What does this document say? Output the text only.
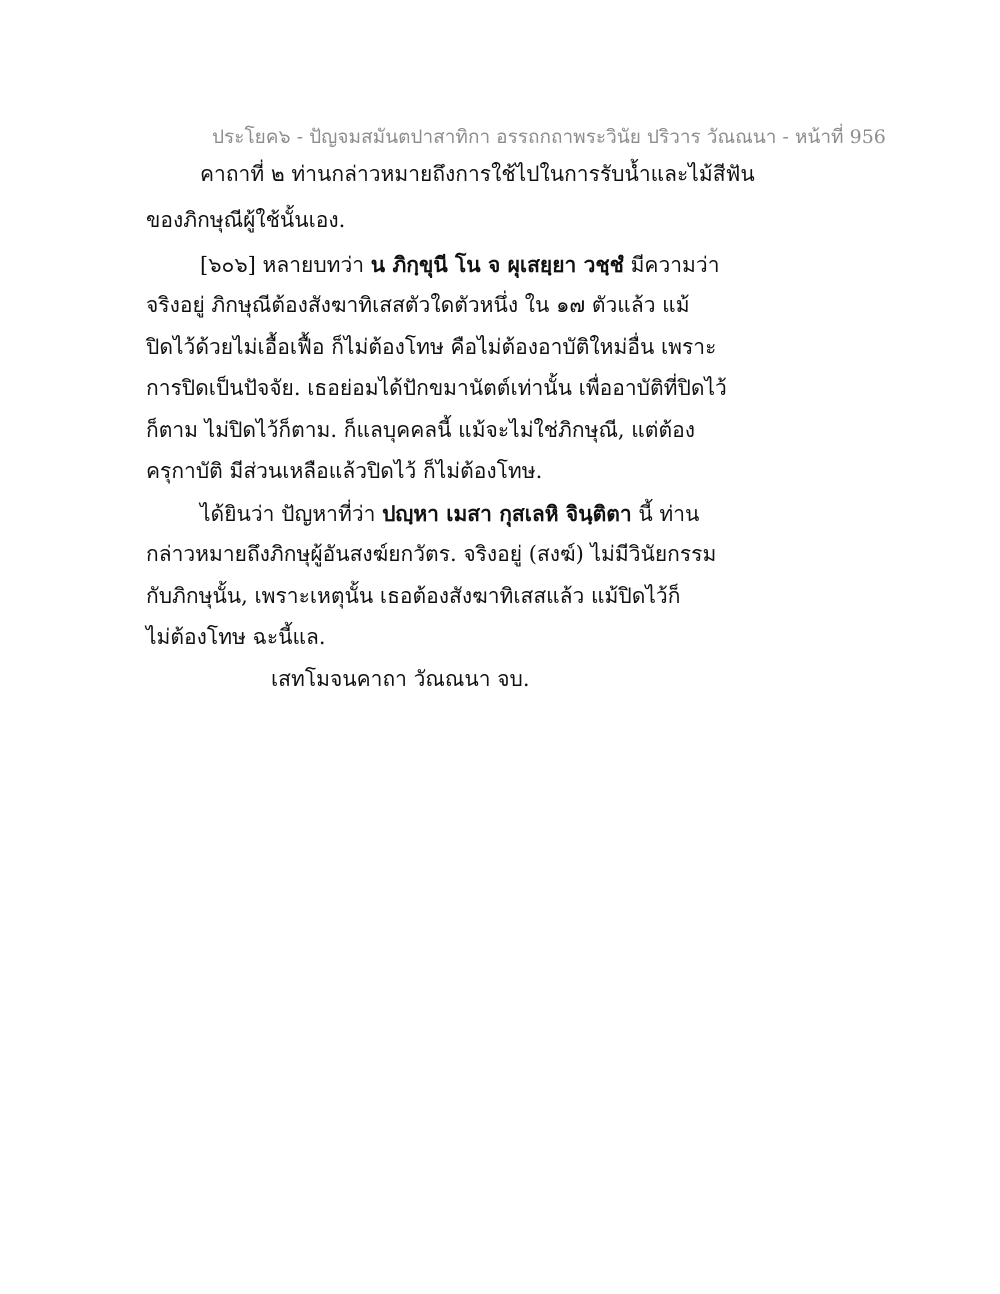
ประโยค๖ - ปัญจมสมันตปาสาทิกา อรรถกถาพระวินัย ปริวาร วัณณนา - หน้าที่ 956
คาถาที่ ๒ ท่านกล่าวหมายถึงการใช้ไปในการรับน้ำและไม้สีฟัน
ของภิกษุณีผู้ใช้นั้นเอง.
[๖๐๖] หลายบทว่า น ภิกฺขุนี โน จ ผุเสยฺยา วชฺชํ มีความว่า
จริงอยู่ ภิกษุณีต้องสังฆาทิเสสตัวใดตัวหนึ่ง ใน ๑๗ ตัวแล้ว แม้
ปิดไว้ด้วยไม่เอื้อเฟื้อ ก็ไม่ต้องโทษ คือไม่ต้องอาบัติใหม่อื่น เพราะ
การปิดเป็นปัจจัย. เธอย่อมได้ปักขมานัตต์เท่านั้น เพื่ออาบัติที่ปิดไว้
ก็ตาม ไม่ปิดไว้ก็ตาม. ก็แลบุคคลนี้ แม้จะไม่ใช่ภิกษุณี, แต่ต้อง
ครุกาบัติ มีส่วนเหลือแล้วปิดไว้ ก็ไม่ต้องโทษ.
ได้ยินว่า ปัญหาที่ว่า ปญฺหา เมสา กุสเลหิ จินฺติตา นี้ ท่าน
กล่าวหมายถึงภิกษุผู้อันสงฆ์ยกวัตร. จริงอยู่ (สงฆ์) ไม่มีวินัยกรรม
กับภิกษุนั้น, เพราะเหตุนั้น เธอต้องสังฆาทิเสสแล้ว แม้ปิดไว้ก็
ไม่ต้องโทษ ฉะนี้แล.
เสทโมจนคาถา วัณณนา จบ.
